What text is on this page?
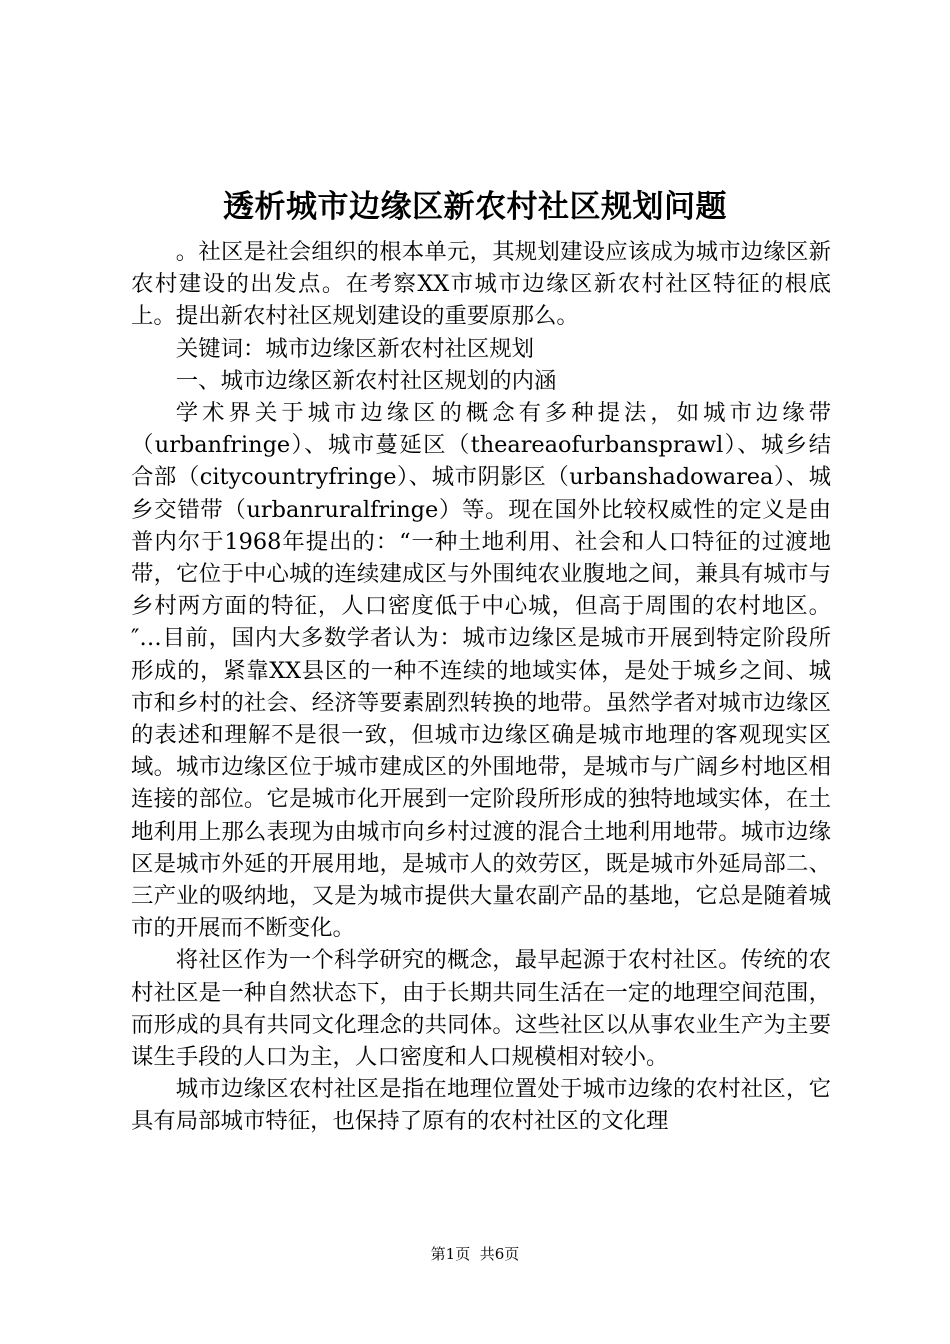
透析城市边缘区新农村社区规划问题

。社区是社会组织的根本单元，其规划建设应该成为城市边缘区新农村建设的出发点。在考察XX市城市边缘区新农村社区特征的根底上。提出新农村社区规划建设的重要原那么。

关键词：城市边缘区新农村社区规划

一、城市边缘区新农村社区规划的内涵

学术界关于城市边缘区的概念有多种提法，如城市边缘带（urbanfringe）、城市蔓延区（theareaofurbansprawl）、城乡结合部（citycountryfringe）、城市阴影区（urbanshadowarea）、城乡交错带（urbanruralfringe）等。现在国外比较权威性的定义是由普内尔于1968年提出的：“一种土地利用、社会和人口特征的过渡地带，它位于中心城的连续建成区与外围纯农业腹地之间，兼具有城市与乡村两方面的特征，人口密度低于中心城，但高于周围的农村地区。″…目前，国内大多数学者认为：城市边缘区是城市开展到特定阶段所形成的，紧靠XX县区的一种不连续的地域实体，是处于城乡之间、城市和乡村的社会、经济等要素剧烈转换的地带。虽然学者对城市边缘区的表述和理解不是很一致，但城市边缘区确是城市地理的客观现实区域。城市边缘区位于城市建成区的外围地带，是城市与广阔乡村地区相连接的部位。它是城市化开展到一定阶段所形成的独特地域实体，在土地利用上那么表现为由城市向乡村过渡的混合土地利用地带。城市边缘区是城市外延的开展用地，是城市人的效劳区，既是城市外延局部二、三产业的吸纳地，又是为城市提供大量农副产品的基地，它总是随着城市的开展而不断变化。

将社区作为一个科学研究的概念，最早起源于农村社区。传统的农村社区是一种自然状态下，由于长期共同生活在一定的地理空间范围，而形成的具有共同文化理念的共同体。这些社区以从事农业生产为主要谋生手段的人口为主，人口密度和人口规模相对较小。

城市边缘区农村社区是指在地理位置处于城市边缘的农村社区，它具有局部城市特征，也保持了原有的农村社区的文化理

第1页 共6页
